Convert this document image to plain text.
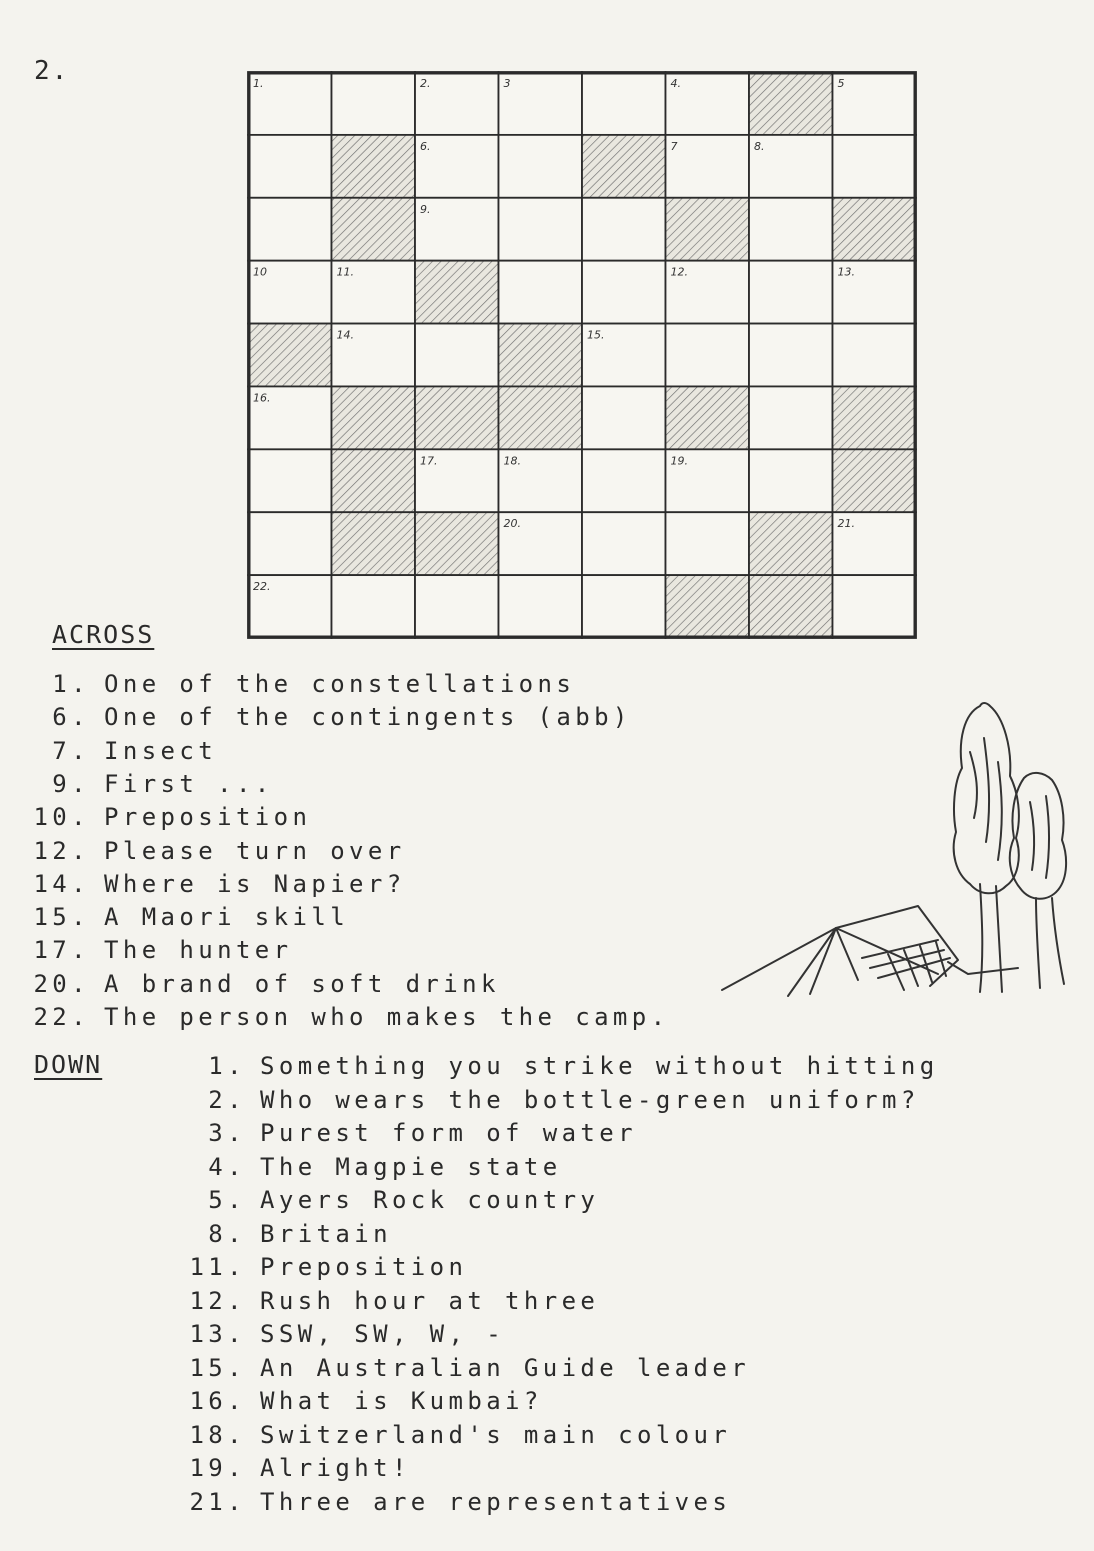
2.	1.	2.	3	4.	5
6.	7	8.
9.
10	11.	12.	13.
14.	15.
16.
17.	18.	19.
20.	21.
22.
ACROSS
1. One of the constellations
6. One of the contingents (abb)
7. Insect
9. First ...
10. Preposition
12. Please turn over
14. Where is Napier?
15. A Maori skill
17. The hunter
20. A brand of soft drink
22. The person who makes the camp.
DOWN	1. Something you strike without hitting
2. Who wears the bottle-green uniform?
3. Purest form of water
4. The Magpie state
5. Ayers Rock country
8. Britain
11. Preposition
12. Rush hour at three
13. SSW, SW, W, -
15. An Australian Guide leader
16. What is Kumbai?
18. Switzerland's main colour
19. Alright!
21. Three are representatives
